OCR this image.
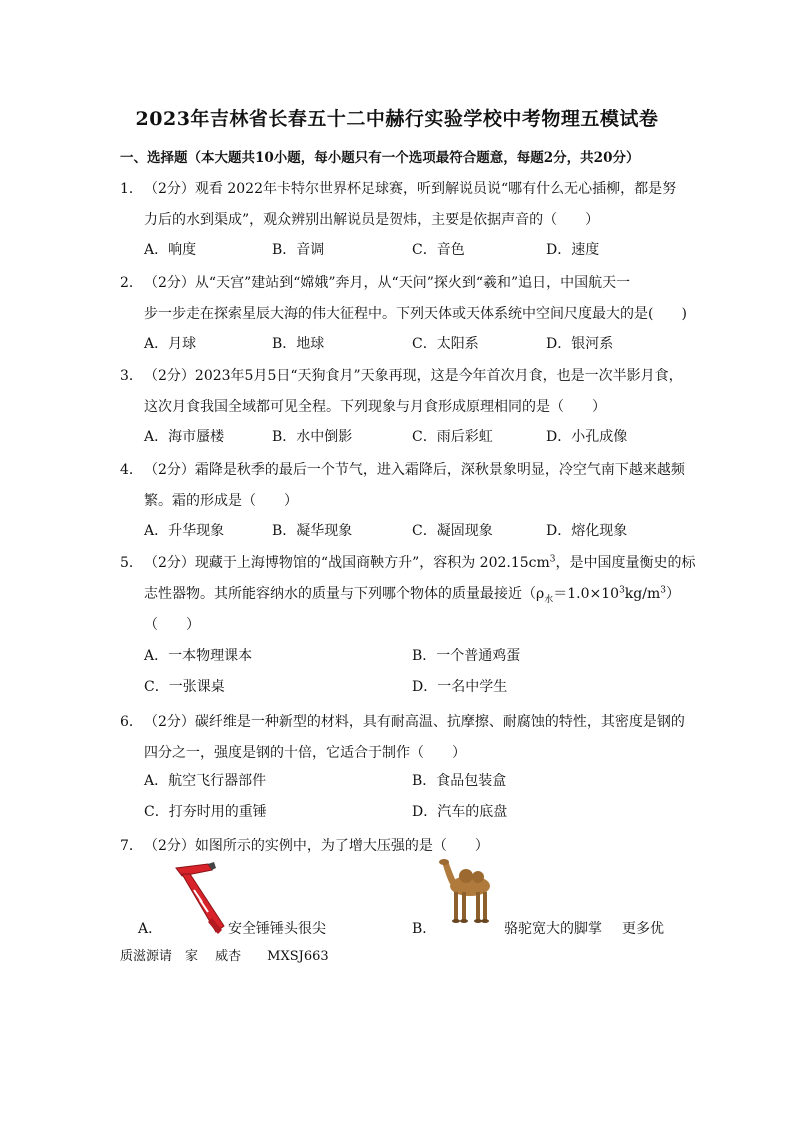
2023年吉林省长春五十二中赫行实验学校中考物理五模试卷
一、选择题（本大题共10小题，每小题只有一个选项最符合题意，每题2分，共20分）
1．（2分）观看 2022年卡特尔世界杯足球赛，听到解说员说“哪有什么无心插柳，都是努
力后的水到渠成”，观众辨别出解说员是贺炜，主要是依据声音的（　　）
A．响度	B．音调	C．音色	D．速度
2．（2分）从“天宫”建站到“嫦娥”奔月，从“天问”探火到“羲和”追日，中国航天一
步一步走在探索星辰大海的伟大征程中。下列天体或天体系统中空间尺度最大的是(　　)
A．月球	B．地球	C．太阳系	D．银河系
3．（2分）2023年5月5日“天狗食月”天象再现，这是今年首次月食，也是一次半影月食，
这次月食我国全域都可见全程。下列现象与月食形成原理相同的是（　　）
A．海市蜃楼	B．水中倒影	C．雨后彩虹	D．小孔成像
4．（2分）霜降是秋季的最后一个节气，进入霜降后，深秋景象明显，冷空气南下越来越频
繁。霜的形成是（　　）
A．升华现象	B．凝华现象	C．凝固现象	D．熔化现象
5．（2分）现藏于上海博物馆的“战国商鞅方升”，容积为 $202.15cm^3$，是中国度量衡史的标
志性器物。其所能容纳水的质量与下列哪个物体的质量最接近$(\rho_水=1.0\times 10^3kg/m^3)$
（　　）
A．一本物理课本	B．一个普通鸡蛋
C．一张课桌	D．一名中学生
6．（2分）碳纤维是一种新型的材料，具有耐高温、抗摩擦、耐腐蚀的特性，其密度是钢的
四分之一，强度是钢的十倍，它适合于制作（　　）
A．航空飞行器部件	B．食品包装盒
C．打夯时用的重锤	D．汽车的底盘
7．（2分）如图所示的实例中，为了增大压强的是（　　）
A．	安全锤锤头很尖	B．	骆驼宽大的脚掌 更多优
质滋源请　家　 威杏　　MXSJ663
